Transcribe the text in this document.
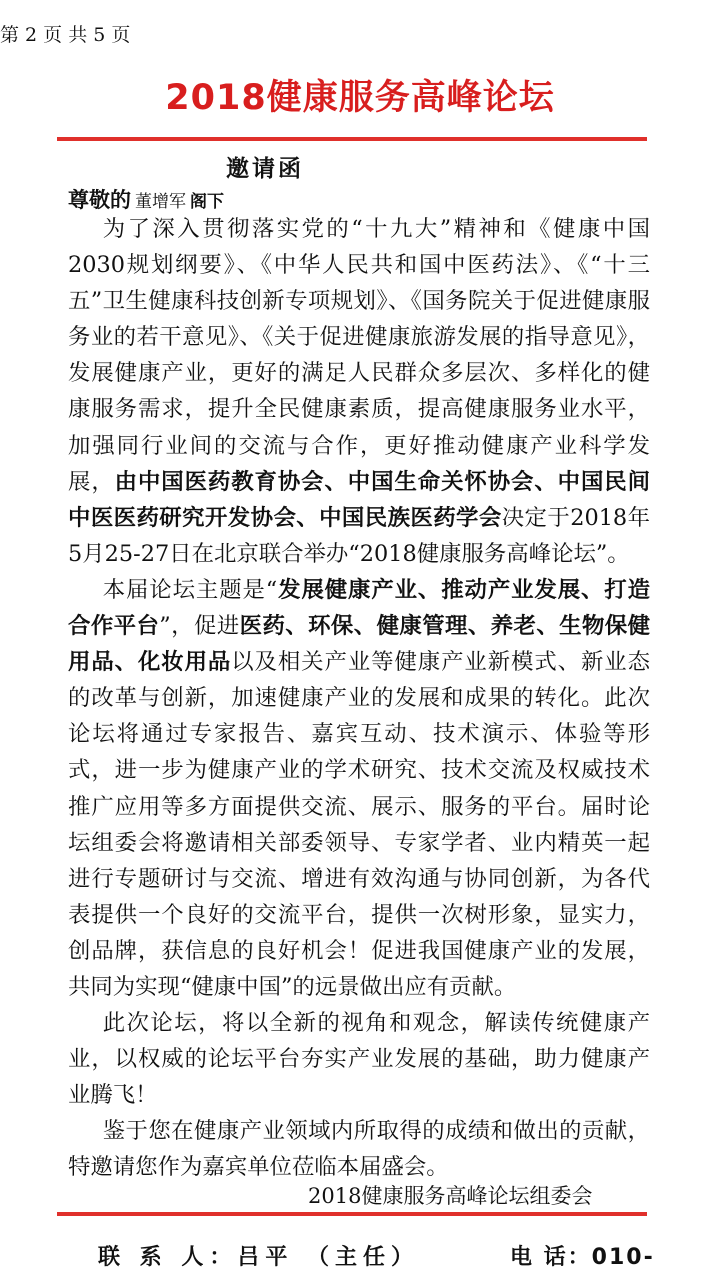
第 2 页 共 5 页
2018健康服务高峰论坛
邀请函
尊敬的 董增军 阁下

为了深入贯彻落实党的“十九大”精神和《健康中国2030规划纲要》、《中华人民共和国中医药法》、《“十三五”卫生健康科技创新专项规划》、《国务院关于促进健康服务业的若干意见》、《关于促进健康旅游发展的指导意见》，发展健康产业，更好的满足人民群众多层次、多样化的健康服务需求，提升全民健康素质，提高健康服务业水平，加强同行业间的交流与合作，更好推动健康产业科学发展，由中国医药教育协会、中国生命关怀协会、中国民间中医医药研究开发协会、中国民族医药学会决定于2018年5月25-27日在北京联合举办“2018健康服务高峰论坛”。

本届论坛主题是“发展健康产业、推动产业发展、打造合作平台”，促进医药、环保、健康管理、养老、生物保健用品、化妆用品以及相关产业等健康产业新模式、新业态的改革与创新，加速健康产业的发展和成果的转化。此次论坛将通过专家报告、嘉宾互动、技术演示、体验等形式，进一步为健康产业的学术研究、技术交流及权威技术推广应用等多方面提供交流、展示、服务的平台。届时论坛组委会将邀请相关部委领导、专家学者、业内精英一起进行专题研讨与交流、增进有效沟通与协同创新，为各代表提供一个良好的交流平台，提供一次树形象，显实力，创品牌，获信息的良好机会！促进我国健康产业的发展，共同为实现“健康中国”的远景做出应有贡献。

此次论坛，将以全新的视角和观念，解读传统健康产业，以权威的论坛平台夯实产业发展的基础，助力健康产业腾飞！

鉴于您在健康产业领域内所取得的成绩和做出的贡献，特邀请您作为嘉宾单位莅临本届盛会。

2018健康服务高峰论坛组委会
联 系 人：吕平 （主任）	电 话：010-
